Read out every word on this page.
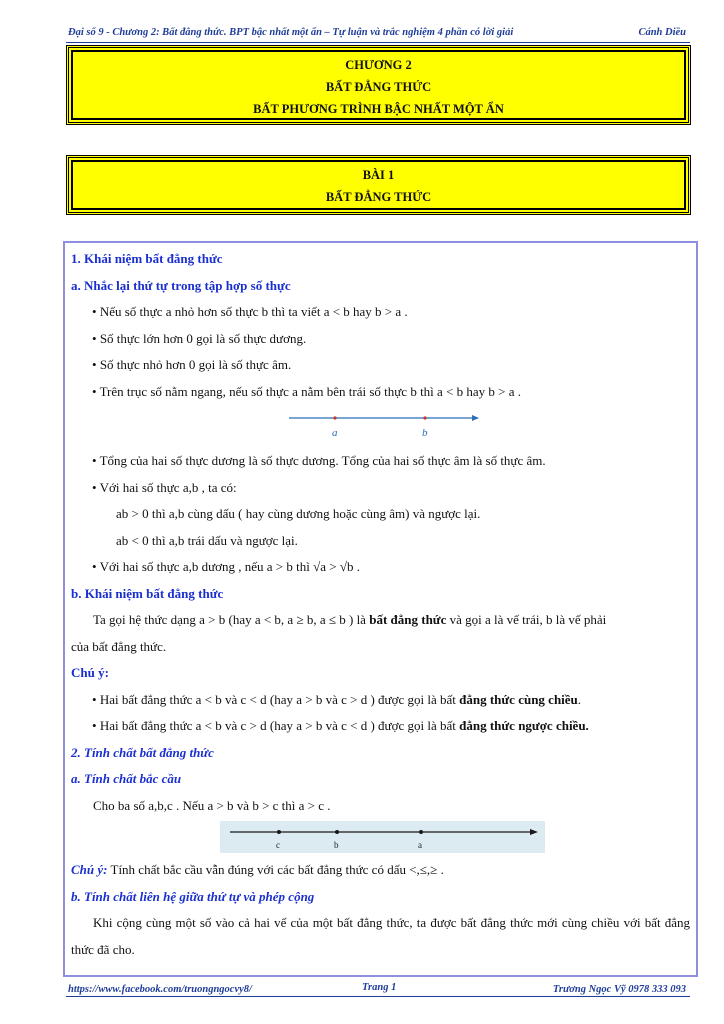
Đại số 9 - Chương 2: Bất đẳng thức. BPT bậc nhất một ẩn – Tự luận và trắc nghiệm 4 phần có lời giải	Cánh Diều
CHƯƠNG 2
BẤT ĐẲNG THỨC
BẤT PHƯƠNG TRÌNH BẬC NHẤT MỘT ẨN
BÀI 1
BẤT ĐẲNG THỨC
1. Khái niệm bất đẳng thức
a. Nhắc lại thứ tự trong tập hợp số thực
• Nếu số thực a nhỏ hơn số thực b thì ta viết a < b hay b > a .
• Số thực lớn hơn 0 gọi là số thực dương.
• Số thực nhỏ hơn 0 gọi là số thực âm.
• Trên trục số nằm ngang, nếu số thực a nằm bên trái số thực b thì a < b hay b > a .
a	b
• Tổng của hai số thực dương là số thực dương. Tổng của hai số thực âm là số thực âm.
• Với hai số thực a,b , ta có:
ab > 0 thì a,b cùng dấu ( hay cùng dương hoặc cùng âm) và ngược lại.
ab < 0 thì a,b trái dấu và ngược lại.
• Với hai số thực a,b dương , nếu a > b thì √a > √b .
b. Khái niệm bất đẳng thức
Ta gọi hệ thức dạng a > b (hay a < b, a ≥ b, a ≤ b ) là bất đẳng thức và gọi a là vế trái, b là vế phải
của bất đẳng thức.
Chú ý:
• Hai bất đẳng thức a < b và c < d (hay a > b và c > d ) được gọi là bất đẳng thức cùng chiều.
• Hai bất đẳng thức a < b và c > d (hay a > b và c < d ) được gọi là bất đẳng thức ngược chiều.
2. Tính chất bất đẳng thức
a. Tính chất bắc cầu
Cho ba số a,b,c . Nếu a > b và b > c thì a > c .
c	b	a
Chú ý: Tính chất bắc cầu vẫn đúng với các bất đẳng thức có dấu <,≤,≥ .
b. Tính chất liên hệ giữa thứ tự và phép cộng
Khi cộng cùng một số vào cả hai vế của một bất đẳng thức, ta được bất đẳng thức mới cùng chiều với bất đẳng thức đã cho.
https://www.facebook.com/truongngocvy8/	Trang 1	Trương Ngọc Vỹ 0978 333 093
